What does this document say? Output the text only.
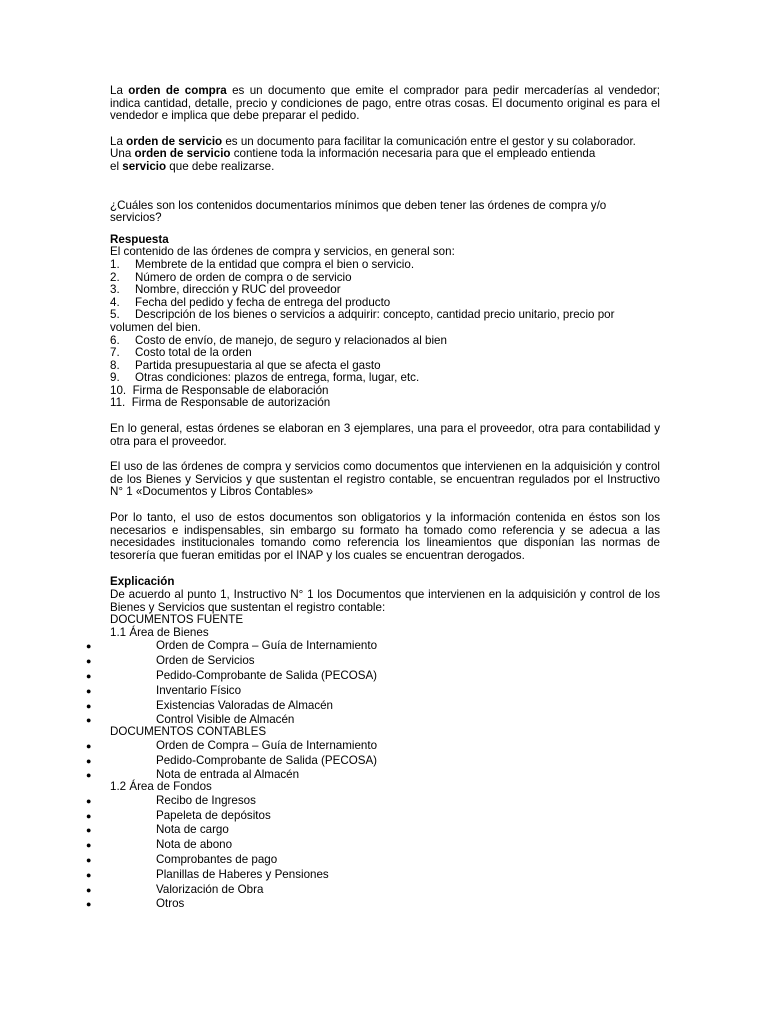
La orden de compra es un documento que emite el comprador para pedir mercaderías al vendedor; indica cantidad, detalle, precio y condiciones de pago, entre otras cosas. El documento original es para el vendedor e implica que debe preparar el pedido.

La orden de servicio es un documento para facilitar la comunicación entre el gestor y su colaborador.
Una orden de servicio contiene toda la información necesaria para que el empleado entienda
el servicio que debe realizarse.

¿Cuáles son los contenidos documentarios mínimos que deben tener las órdenes de compra y/o servicios?

Respuesta

El contenido de las órdenes de compra y servicios, en general son:

1. Membrete de la entidad que compra el bien o servicio.
2. Número de orden de compra o de servicio
3. Nombre, dirección y RUC del proveedor
4. Fecha del pedido y fecha de entrega del producto
5. Descripción de los bienes o servicios a adquirir: concepto, cantidad precio unitario, precio por volumen del bien.
6. Costo de envío, de manejo, de seguro y relacionados al bien
7. Costo total de la orden
8. Partida presupuestaria al que se afecta el gasto
9. Otras condiciones: plazos de entrega, forma, lugar, etc.
10. Firma de Responsable de elaboración
11. Firma de Responsable de autorización

En lo general, estas órdenes se elaboran en 3 ejemplares, una para el proveedor, otra para contabilidad y otra para el proveedor.

El uso de las órdenes de compra y servicios como documentos que intervienen en la adquisición y control de los Bienes y Servicios y que sustentan el registro contable, se encuentran regulados por el Instructivo N° 1 «Documentos y Libros Contables»

Por lo tanto, el uso de estos documentos son obligatorios y la información contenida en éstos son los necesarios e indispensables, sin embargo su formato ha tomado como referencia y se adecua a las necesidades institucionales tomando como referencia los lineamientos que disponían las normas de tesorería que fueran emitidas por el INAP y los cuales se encuentran derogados.

Explicación

De acuerdo al punto 1, Instructivo N° 1 los Documentos que intervienen en la adquisición y control de los Bienes y Servicios que sustentan el registro contable:

DOCUMENTOS FUENTE

1.1 Área de Bienes

●	Orden de Compra – Guía de Internamiento
●	Orden de Servicios
●	Pedido-Comprobante de Salida (PECOSA)
●	Inventario Físico
●	Existencias Valoradas de Almacén
●	Control Visible de Almacén

DOCUMENTOS CONTABLES

●	Orden de Compra – Guía de Internamiento
●	Pedido-Comprobante de Salida (PECOSA)
●	Nota de entrada al Almacén

1.2 Área de Fondos

●	Recibo de Ingresos
●	Papeleta de depósitos
●	Nota de cargo
●	Nota de abono
●	Comprobantes de pago
●	Planillas de Haberes y Pensiones
●	Valorización de Obra
●	Otros
